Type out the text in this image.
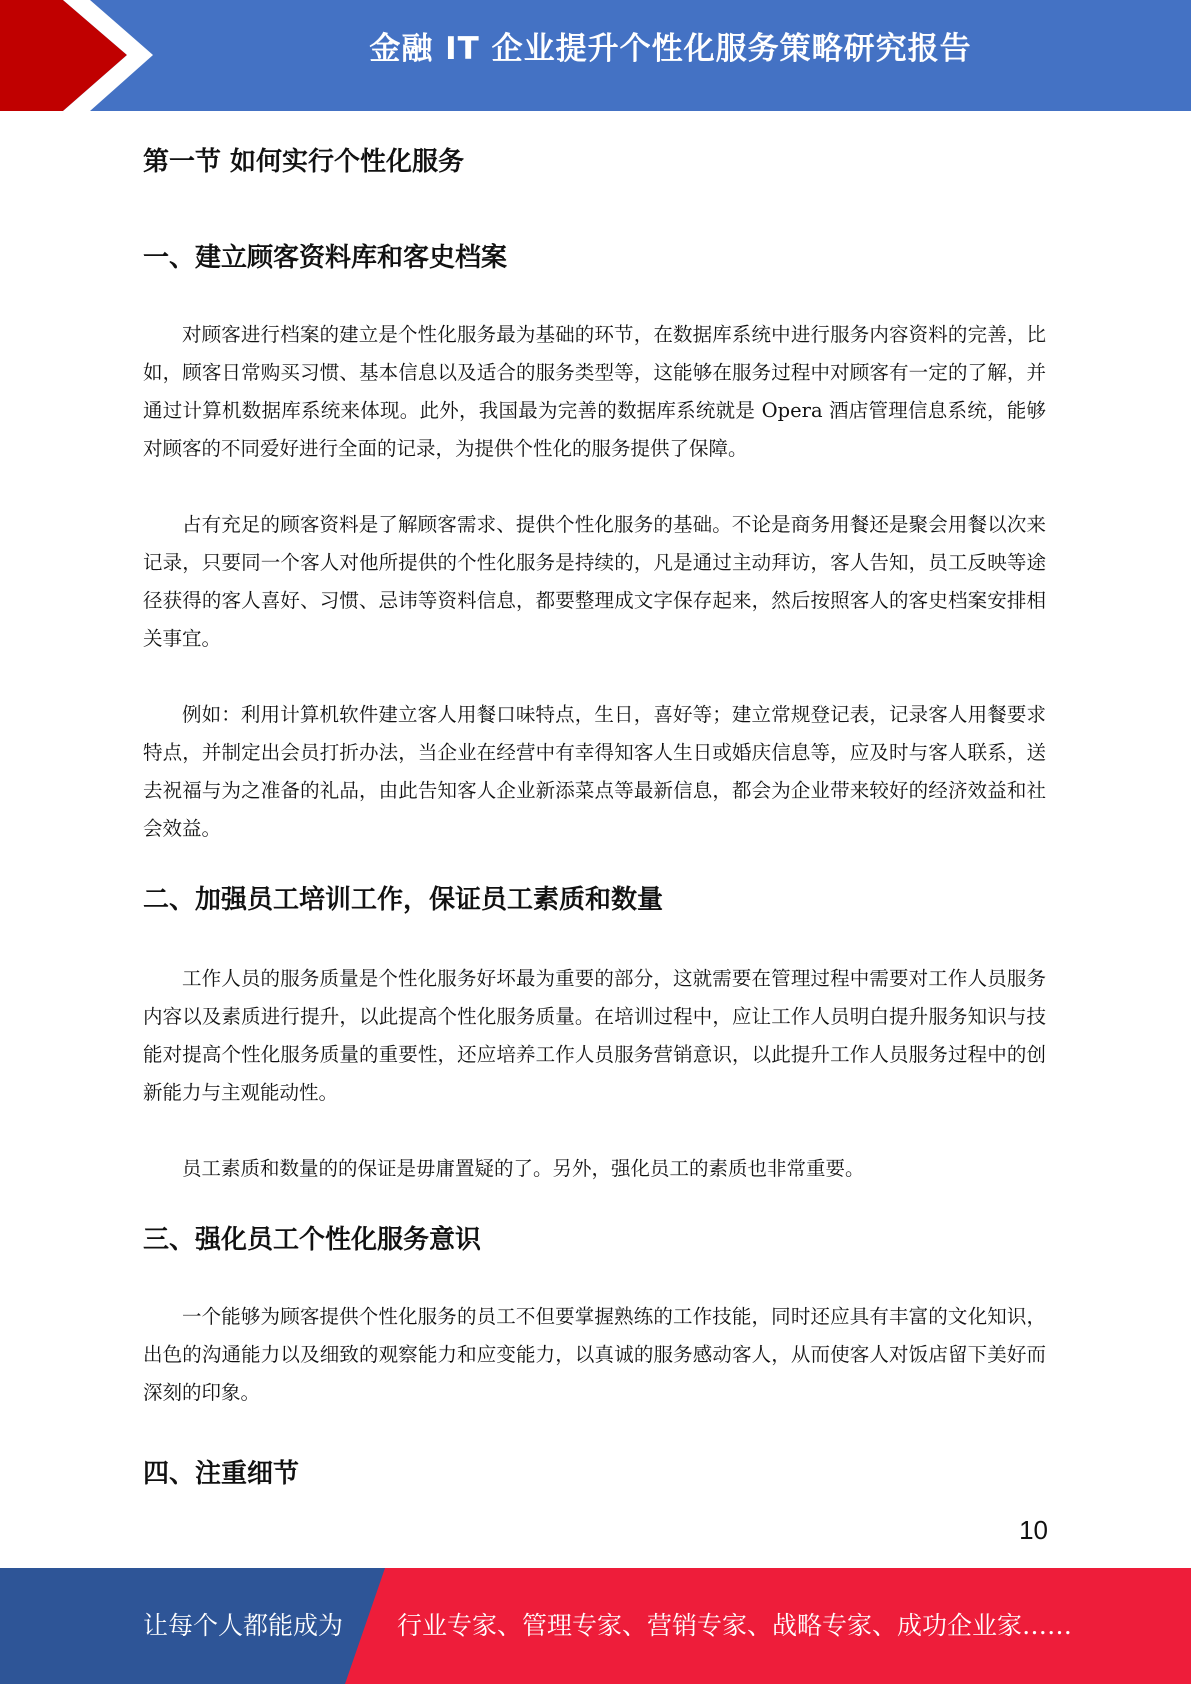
金融 IT 企业提升个性化服务策略研究报告
第一节 如何实行个性化服务
一、建立顾客资料库和客史档案

对顾客进行档案的建立是个性化服务最为基础的环节，在数据库系统中进行服务内容资料的完善，比如，顾客日常购买习惯、基本信息以及适合的服务类型等，这能够在服务过程中对顾客有一定的了解，并通过计算机数据库系统来体现。此外，我国最为完善的数据库系统就是 Opera 酒店管理信息系统，能够对顾客的不同爱好进行全面的记录，为提供个性化的服务提供了保障。

占有充足的顾客资料是了解顾客需求、提供个性化服务的基础。不论是商务用餐还是聚会用餐以次来记录，只要同一个客人对他所提供的个性化服务是持续的，凡是通过主动拜访，客人告知，员工反映等途径获得的客人喜好、习惯、忌讳等资料信息，都要整理成文字保存起来，然后按照客人的客史档案安排相关事宜。

例如：利用计算机软件建立客人用餐口味特点，生日，喜好等；建立常规登记表，记录客人用餐要求特点，并制定出会员打折办法，当企业在经营中有幸得知客人生日或婚庆信息等，应及时与客人联系，送去祝福与为之准备的礼品，由此告知客人企业新添菜点等最新信息，都会为企业带来较好的经济效益和社会效益。

二、加强员工培训工作，保证员工素质和数量

工作人员的服务质量是个性化服务好坏最为重要的部分，这就需要在管理过程中需要对工作人员服务内容以及素质进行提升，以此提高个性化服务质量。在培训过程中，应让工作人员明白提升服务知识与技能对提高个性化服务质量的重要性，还应培养工作人员服务营销意识，以此提升工作人员服务过程中的创新能力与主观能动性。

员工素质和数量的的保证是毋庸置疑的了。另外，强化员工的素质也非常重要。

三、强化员工个性化服务意识

一个能够为顾客提供个性化服务的员工不但要掌握熟练的工作技能，同时还应具有丰富的文化知识，出色的沟通能力以及细致的观察能力和应变能力，以真诚的服务感动客人，从而使客人对饭店留下美好而深刻的印象。

四、注重细节
10
让每个人都能成为 行业专家、管理专家、营销专家、战略专家、成功企业家……
